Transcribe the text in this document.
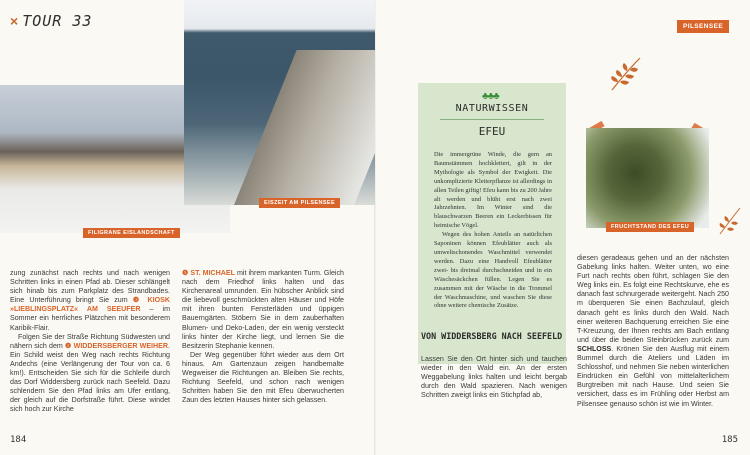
× TOUR 33
FILIGRANE EISLANDSCHAFT
EISZEIT AM PILSENSEE
PILSENSEE
FRUCHTSTAND DES EFEU
♣♣♣
NATURWISSEN
EFEU

Die immergrüne Winde, die gern an Baumstämmen hochklettert, gilt in der Mythologie als Symbol der Ewigkeit. Die unkomplizierte Kletterpflanze ist allerdings in allen Teilen giftig! Efeu kann bis zu 200 Jahre alt werden und blüht erst nach zwei Jahrzehnten. Im Winter sind die blauschwarzen Beeren ein Leckerbissen für heimische Vögel.

Wegen des hohen Anteils an natürlichen Saponinen können Efeublätter auch als umweltschonendes Waschmittel verwendet werden. Dazu eine Handvoll Efeublätter zwei- bis dreimal durchschneiden und in ein Wäschesäckchen füllen. Legen Sie es zusammen mit der Wäsche in die Trommel der Waschmaschine, und waschen Sie diese ohne weitere chemische Zusätze.

zung zunächst nach rechts und nach wenigen Schritten links in einen Pfad ab. Dieser schlängelt sich hinab bis zum Parkplatz des Strandbades. Eine Unterführung bringt Sie zum ❸ KIOSK »LIEBLINGSPLATZ« AM SEEUFER – im Sommer ein herrliches Plätzchen mit besonderem Karibik-Flair.

Folgen Sie der Straße Richtung Südwesten und nähern sich dem ❹ WIDDERSBERGER WEIHER. Ein Schild weist den Weg nach rechts Richtung Andechs (eine Verlängerung der Tour von ca. 6 km!). Entscheiden Sie sich für die Schleife durch das Dorf Widdersberg zurück nach Seefeld. Dazu schlendern Sie den Pfad links am Ufer entlang, der gleich auf die Dorfstraße führt. Diese windet sich hoch zur Kirche

❺ ST. MICHAEL mit ihrem markanten Turm. Gleich nach dem Friedhof links halten und das Kirchenareal umrunden. Ein hübscher Anblick sind die liebevoll geschmückten alten Häuser und Höfe mit ihren bunten Fensterläden und üppigen Bauerngärten. Stöbern Sie in dem zauberhaften Blumen- und Deko-Laden, der ein wenig versteckt links hinter der Kirche liegt, und lernen Sie die Besitzerin Stephanie kennen.

Der Weg gegenüber führt wieder aus dem Ort hinaus. Am Gartenzaun zeigen handbemalte Wegweiser die Richtungen an. Bleiben Sie rechts, Richtung Seefeld, und schon nach wenigen Schritten haben Sie den mit Efeu überwucherten Zaun des letzten Hauses hinter sich gelassen.

VON WIDDERSBERG NACH SEEFELD

Lassen Sie den Ort hinter sich und tauchen wieder in den Wald ein. An der ersten Weggabelung links halten und leicht bergab durch den Wald spazieren. Nach wenigen Schritten zweigt links ein Stichpfad ab,

diesen geradeaus gehen und an der nächsten Gabelung links halten. Weiter unten, wo eine Furt nach rechts oben führt, schlagen Sie den Weg links ein. Es folgt eine Rechtskurve, ehe es danach fast schnurgerade weitergeht. Nach 250 m überqueren Sie einen Bachzulauf, gleich danach geht es links durch den Wald. Nach einer weiteren Bachquerung erreichen Sie eine T-Kreuzung, der Ihnen rechts am Bach entlang und über die beiden Steinbrücken zurück zum SCHLOSS. Krönen Sie den Ausflug mit einem Bummel durch die Ateliers und Läden im Schlosshof, und nehmen Sie neben winterlichen Eindrücken ein Gefühl von mittelalterlichem Burgtreiben mit nach Hause. Und seien Sie versichert, dass es im Frühling oder Herbst am Pilsensee genauso schön ist wie im Winter.

184	185
